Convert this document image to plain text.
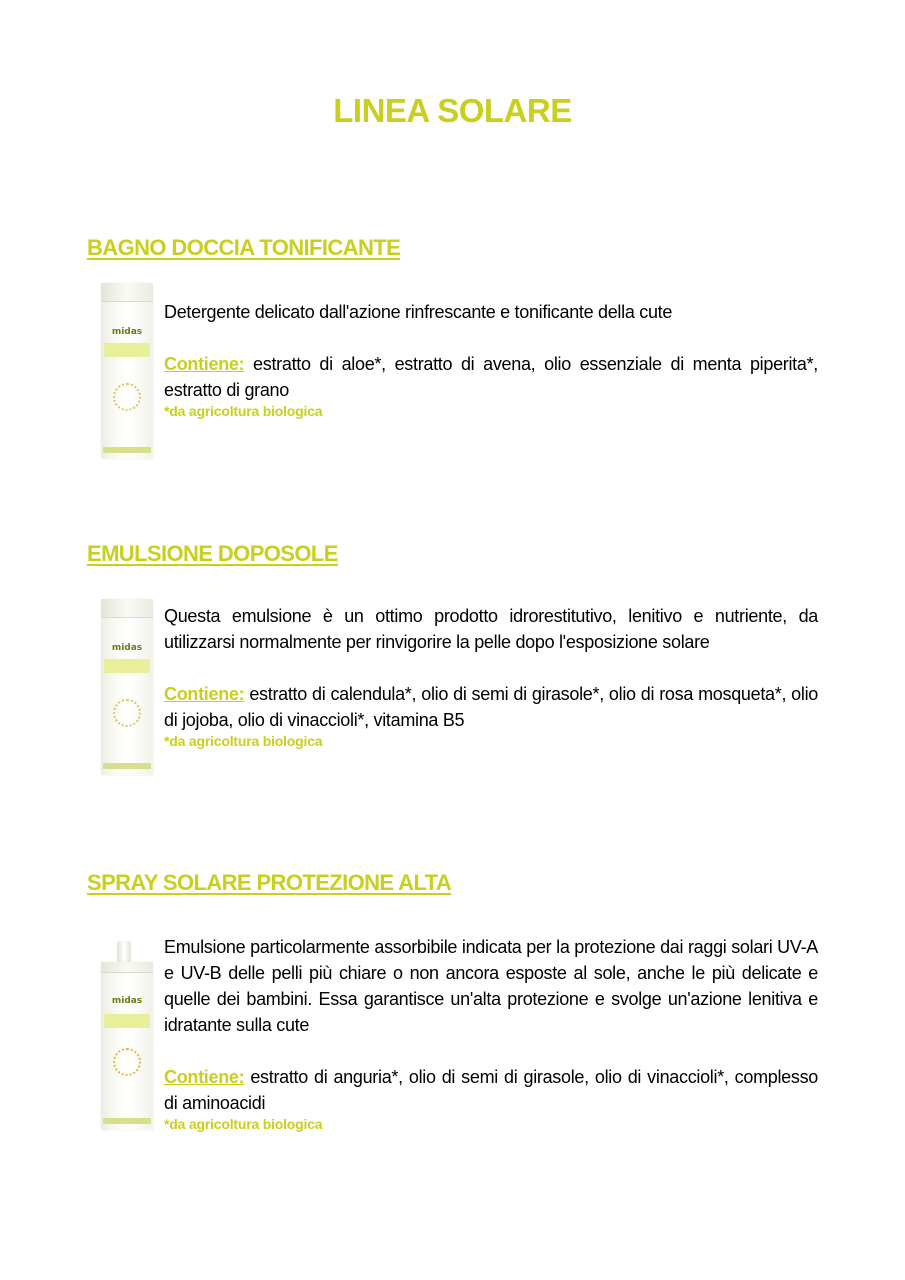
LINEA SOLARE
BAGNO DOCCIA TONIFICANTE
midas

Detergente delicato dall'azione rinfrescante e tonificante della cute

Contiene: estratto di aloe*, estratto di avena, olio essenziale di menta piperita*, estratto di grano

*da agricoltura biologica

EMULSIONE DOPOSOLE
midas

Questa emulsione è un ottimo prodotto idrorestitutivo, lenitivo e nutriente, da utilizzarsi normalmente per rinvigorire la pelle dopo l'esposizione solare

Contiene: estratto di calendula*, olio di semi di girasole*, olio di rosa mosqueta*, olio di jojoba, olio di vinaccioli*, vitamina B5

*da agricoltura biologica

SPRAY SOLARE PROTEZIONE ALTA
midas

Emulsione particolarmente assorbibile indicata per la protezione dai raggi solari UV-A e UV-B delle pelli più chiare o non ancora esposte al sole, anche le più delicate e quelle dei bambini. Essa garantisce un'alta protezione e svolge un'azione lenitiva e idratante sulla cute

Contiene: estratto di anguria*, olio di semi di girasole, olio di vinaccioli*, complesso di aminoacidi

*da agricoltura biologica
